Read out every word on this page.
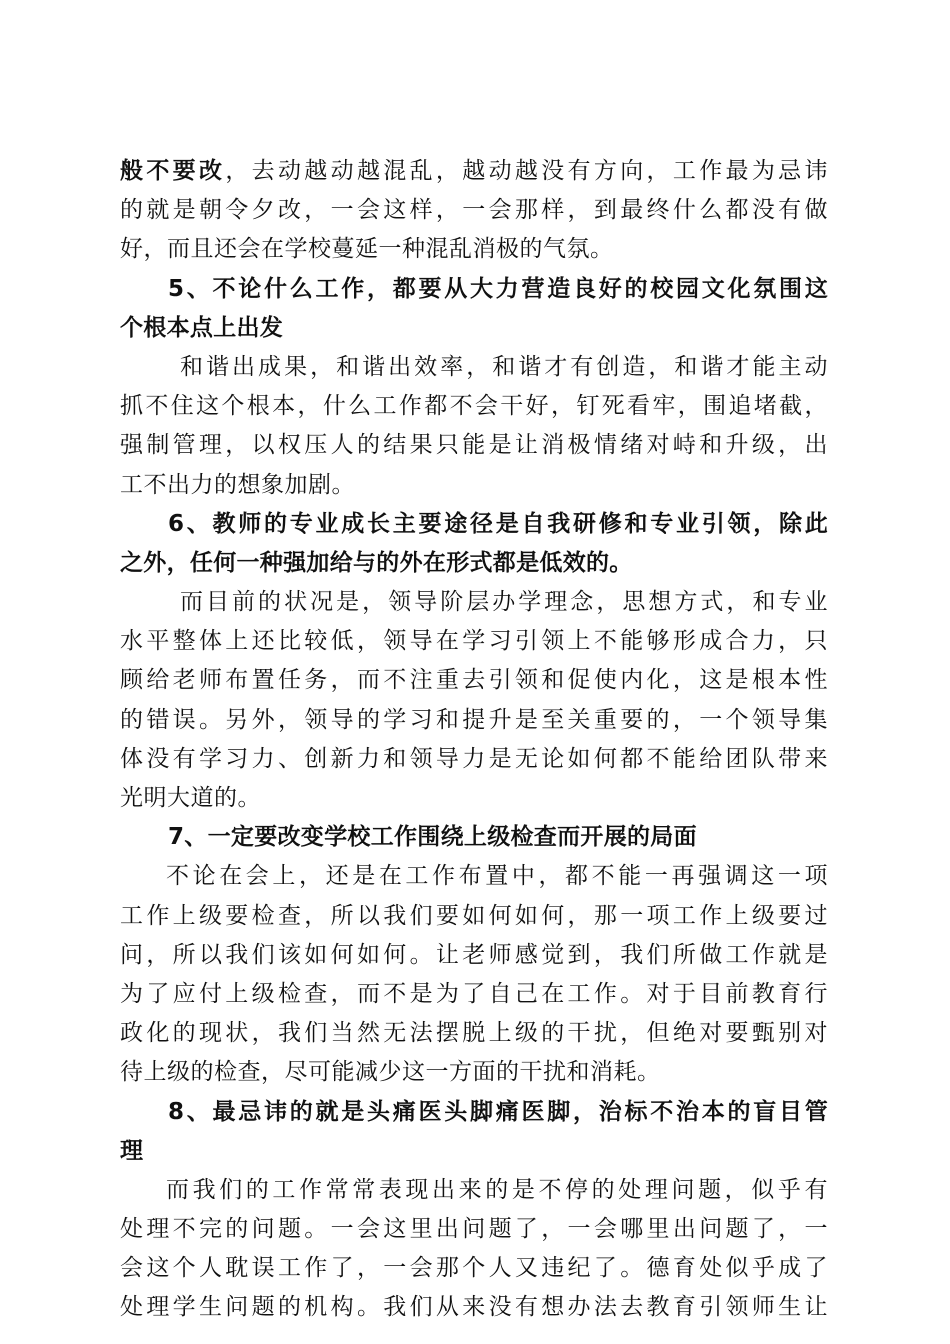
般不要改，去动越动越混乱，越动越没有方向，工作最为忌讳
的就是朝令夕改，一会这样，一会那样，到最终什么都没有做
好，而且还会在学校蔓延一种混乱消极的气氛。
5、不论什么工作，都要从大力营造良好的校园文化氛围这
个根本点上出发
和谐出成果，和谐出效率，和谐才有创造，和谐才能主动
抓不住这个根本，什么工作都不会干好，钉死看牢，围追堵截，
强制管理，以权压人的结果只能是让消极情绪对峙和升级，出
工不出力的想象加剧。
6、教师的专业成长主要途径是自我研修和专业引领，除此
之外，任何一种强加给与的外在形式都是低效的。
而目前的状况是，领导阶层办学理念，思想方式，和专业
水平整体上还比较低，领导在学习引领上不能够形成合力，只
顾给老师布置任务，而不注重去引领和促使内化，这是根本性
的错误。另外，领导的学习和提升是至关重要的，一个领导集
体没有学习力、创新力和领导力是无论如何都不能给团队带来
光明大道的。
7、一定要改变学校工作围绕上级检查而开展的局面
不论在会上，还是在工作布置中，都不能一再强调这一项
工作上级要检查，所以我们要如何如何，那一项工作上级要过
问，所以我们该如何如何。让老师感觉到，我们所做工作就是
为了应付上级检查，而不是为了自己在工作。对于目前教育行
政化的现状，我们当然无法摆脱上级的干扰，但绝对要甄别对
待上级的检查，尽可能减少这一方面的干扰和消耗。
8、最忌讳的就是头痛医头脚痛医脚，治标不治本的盲目管
理
而我们的工作常常表现出来的是不停的处理问题，似乎有
处理不完的问题。一会这里出问题了，一会哪里出问题了，一
会这个人耽误工作了，一会那个人又违纪了。德育处似乎成了
处理学生问题的机构。我们从来没有想办法去教育引领师生让
